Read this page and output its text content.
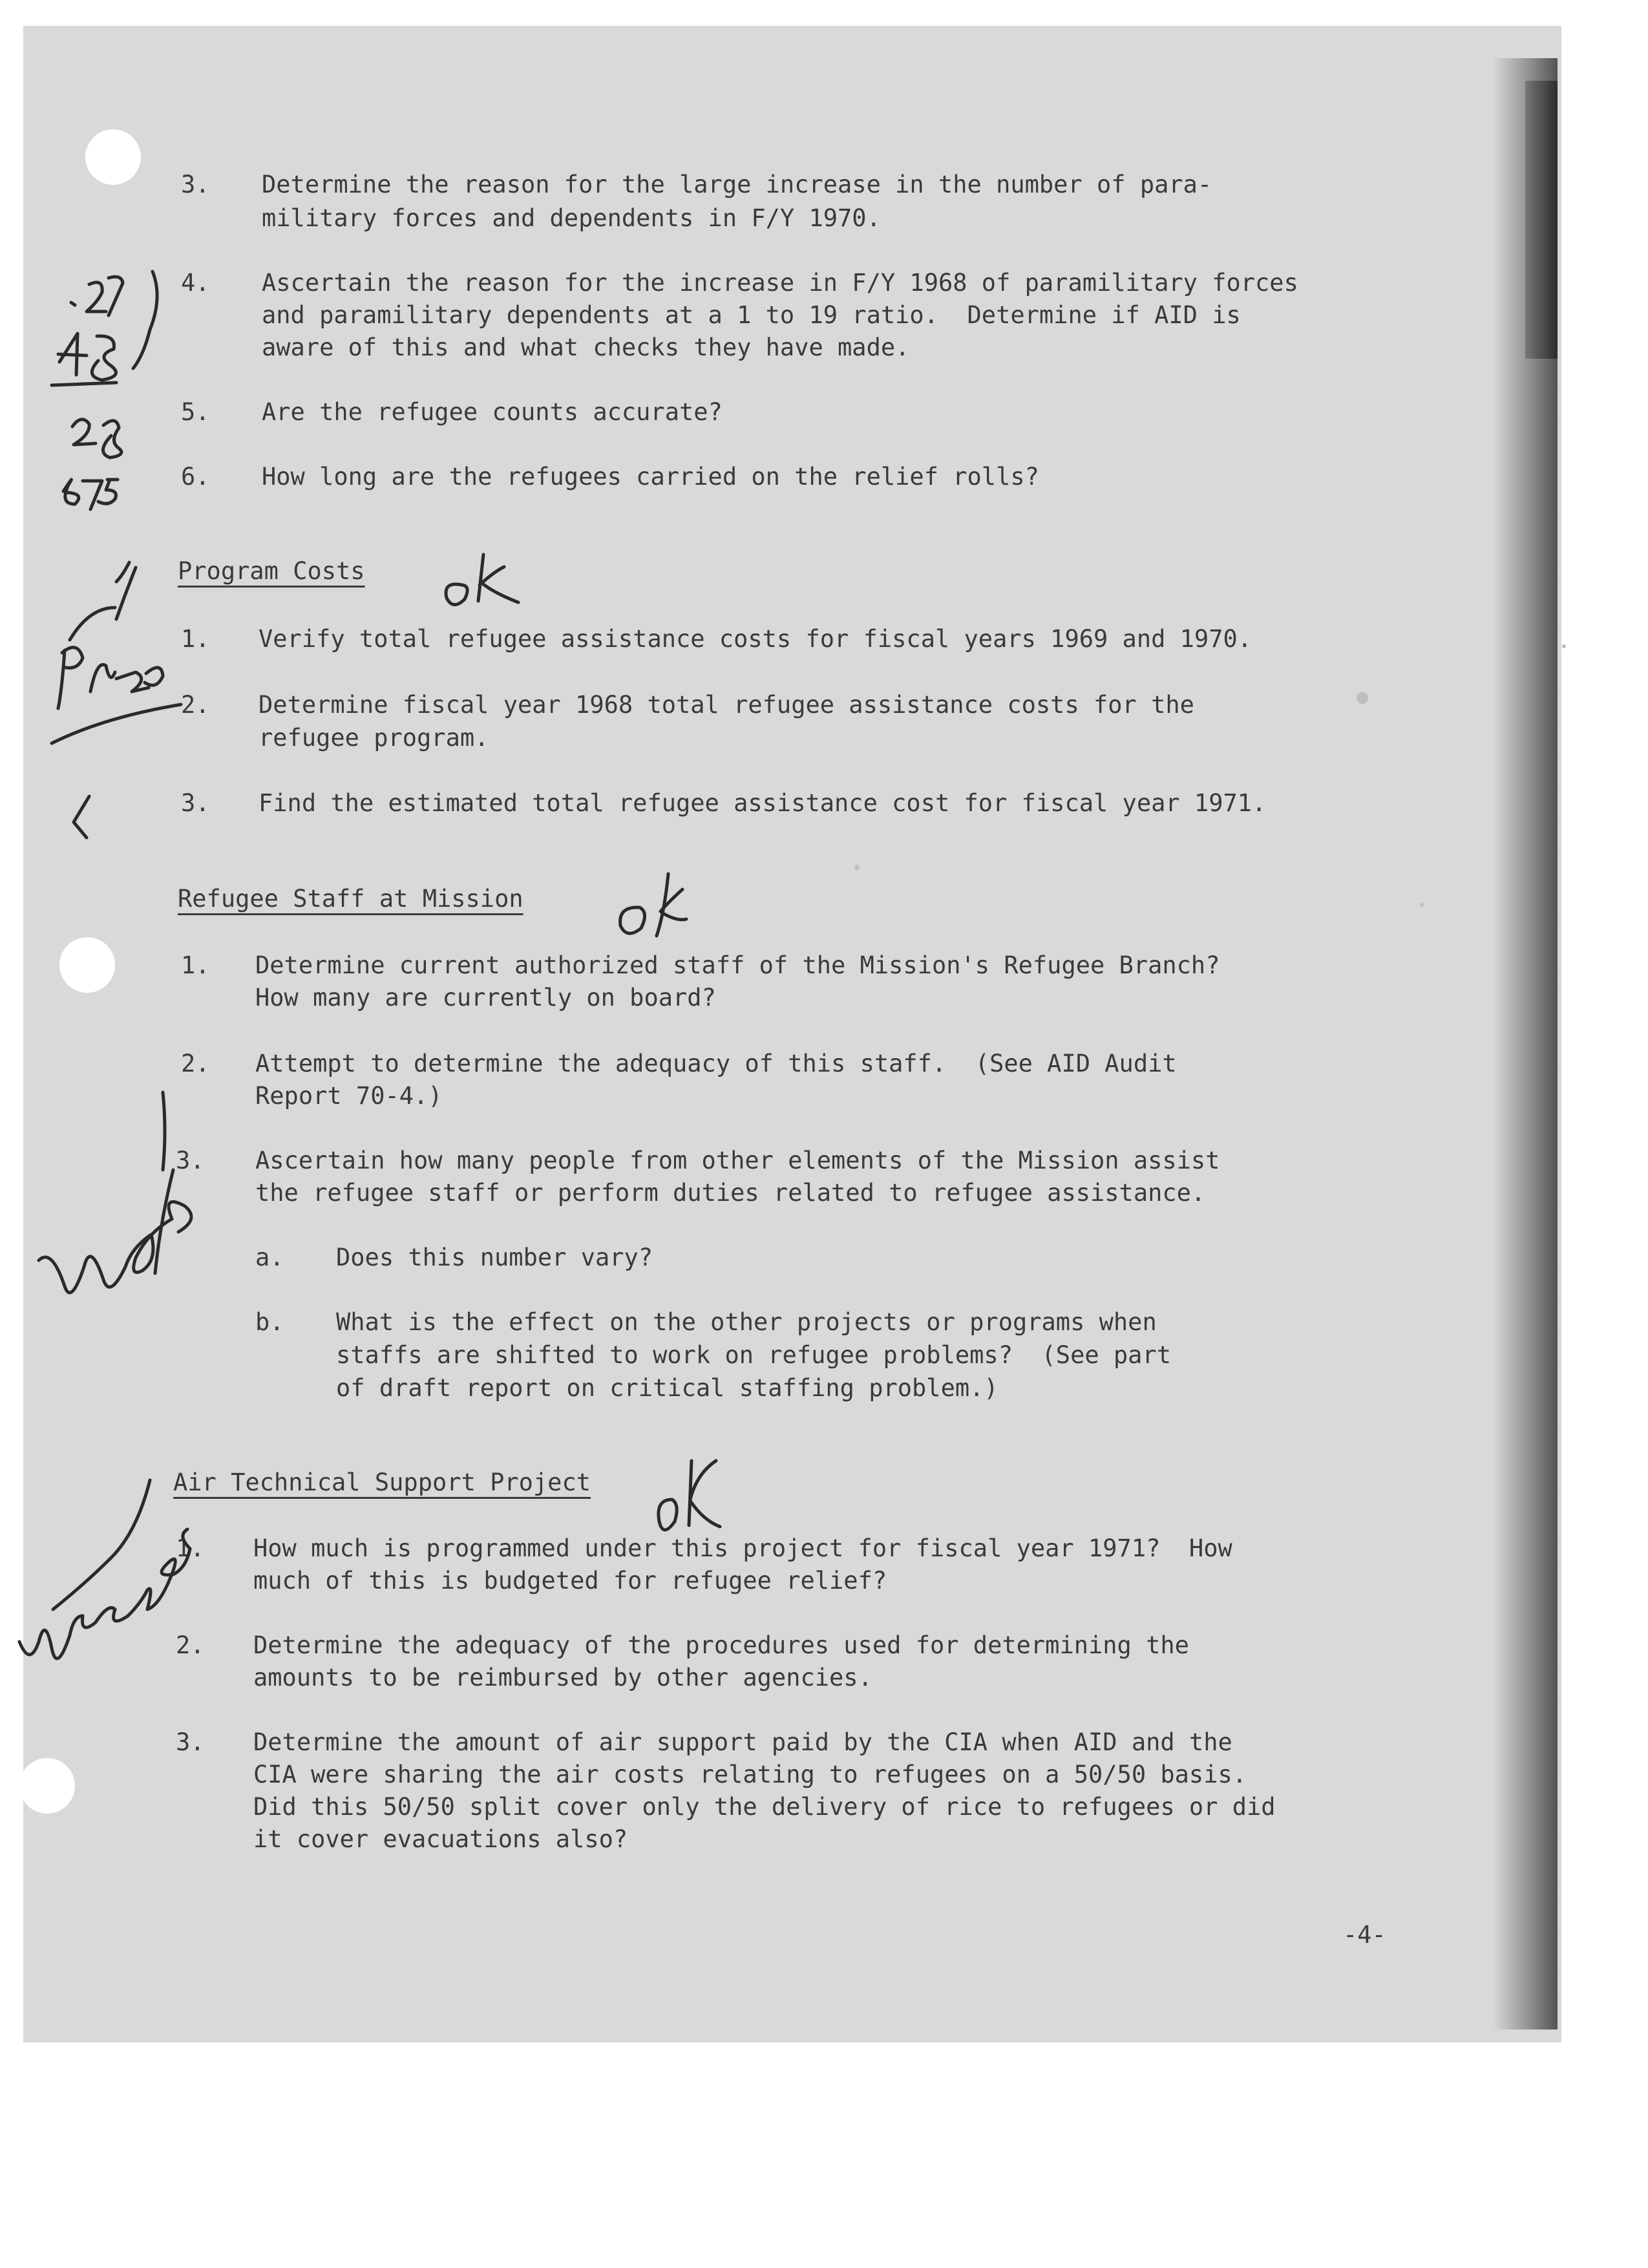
3. Determine the reason for the large increase in the number of para-
military forces and dependents in F/Y 1970.
4. Ascertain the reason for the increase in F/Y 1968 of paramilitary forces
and paramilitary dependents at a 1 to 19 ratio.  Determine if AID is
aware of this and what checks they have made.
5. Are the refugee counts accurate?
6. How long are the refugees carried on the relief rolls?
Program Costs
1. Verify total refugee assistance costs for fiscal years 1969 and 1970.
2. Determine fiscal year 1968 total refugee assistance costs for the
refugee program.
3. Find the estimated total refugee assistance cost for fiscal year 1971.
Refugee Staff at Mission
1. Determine current authorized staff of the Mission's Refugee Branch?
How many are currently on board?
2. Attempt to determine the adequacy of this staff.  (See AID Audit
Report 70-4.)
3. Ascertain how many people from other elements of the Mission assist
the refugee staff or perform duties related to refugee assistance.
a. Does this number vary?
b. What is the effect on the other projects or programs when
staffs are shifted to work on refugee problems?  (See part
of draft report on critical staffing problem.)
Air Technical Support Project
1. How much is programmed under this project for fiscal year 1971?  How
much of this is budgeted for refugee relief?
2. Determine the adequacy of the procedures used for determining the
amounts to be reimbursed by other agencies.
3. Determine the amount of air support paid by the CIA when AID and the
CIA were sharing the air costs relating to refugees on a 50/50 basis.
Did this 50/50 split cover only the delivery of rice to refugees or did
it cover evacuations also?
-4-
